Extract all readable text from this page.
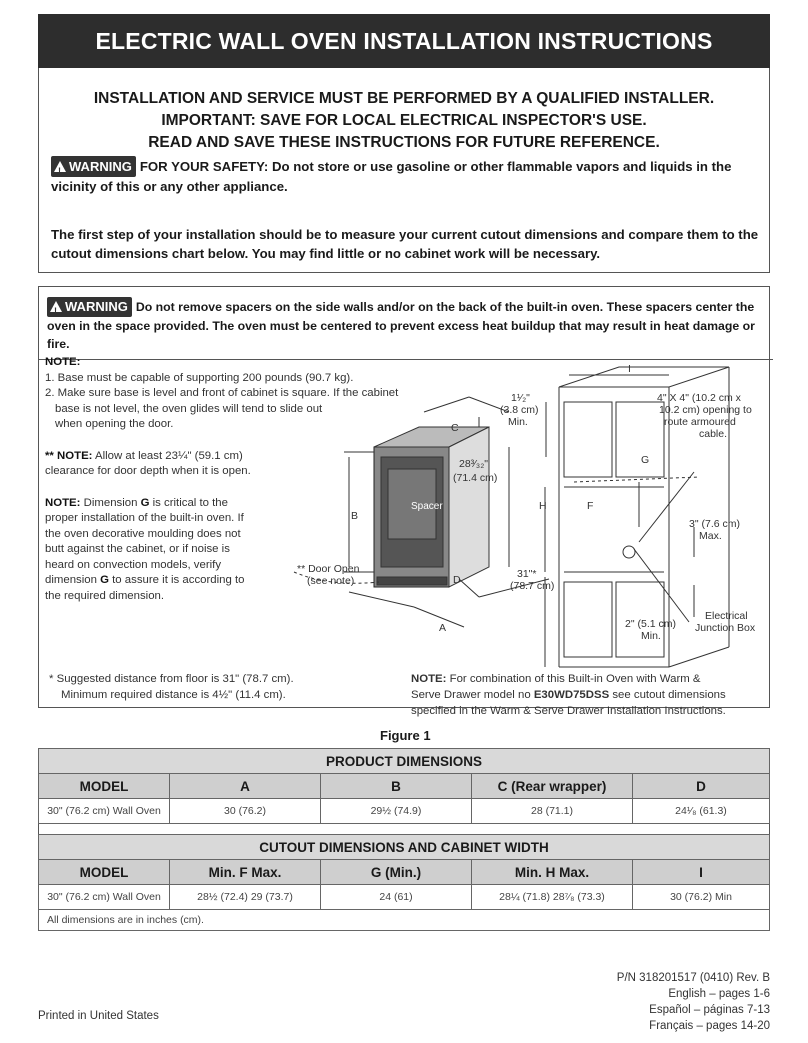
ELECTRIC WALL OVEN INSTALLATION INSTRUCTIONS
INSTALLATION AND SERVICE MUST BE PERFORMED BY A QUALIFIED INSTALLER.
IMPORTANT: SAVE FOR LOCAL ELECTRICAL INSPECTOR'S USE.
READ AND SAVE THESE INSTRUCTIONS FOR FUTURE REFERENCE.
! WARNING FOR YOUR SAFETY: Do not store or use gasoline or other flammable vapors and liquids in the vicinity of this or any other appliance.
The first step of your installation should be to measure your current cutout dimensions and compare them to the cutout dimensions chart below. You may find little or no cabinet work will be necessary.
! WARNING Do not remove spacers on the side walls and/or on the back of the built-in oven. These spacers center the oven in the space provided. The oven must be centered to prevent excess heat buildup that may result in heat damage or fire.

NOTE:

1. Base must be capable of supporting 200 pounds (90.7 kg).

2. Make sure base is level and front of cabinet is square. If the cabinet

base is not level, the oven glides will tend to slide out

when opening the door.

** NOTE: Allow at least 23¼" (59.1 cm)

clearance for door depth when it is open.

NOTE: Dimension G is critical to the

proper installation of the built-in oven. If

the oven decorative moulding does not

butt against the cabinet, or if noise is

heard on convection models, verify

dimension G to assure it is according to

the required dimension.

B
C
A
D
Spacer
28³⁄₃₂"
(71.4 cm)
** Door Open
(see note)
1¹⁄₂"
(3.8 cm)
Min.
I
4" X 4" (10.2 cm x
10.2 cm) opening to
route armoured
cable.
G
F
H
3" (7.6 cm)
Max.
31"*
(78.7 cm)
2" (5.1 cm)
Min.
Electrical
Junction Box
* Suggested distance from floor is 31" (78.7 cm).
Minimum required distance is 4½" (11.4 cm).
NOTE: For combination of this Built-in Oven with Warm &
Serve Drawer model no E30WD75DSS see cutout dimensions
specified in the Warm & Serve Drawer Installation Instructions.
Figure 1
PRODUCT DIMENSIONS				
MODEL	A	B	C (Rear wrapper)	D
30" (76.2 cm) Wall Oven	30 (76.2)	29½ (74.9)	28 (71.1)	24¹⁄₈ (61.3)

CUTOUT DIMENSIONS AND CABINET WIDTH				
MODEL	Min. F Max.	G (Min.)	Min. H Max.	I
30" (76.2 cm) Wall Oven	28½ (72.4) 29 (73.7)	24 (61)	28¼ (71.8) 28⁷⁄₈ (73.3)	30 (76.2) Min
All dimensions are in inches (cm).				
P/N 318201517 (0410) Rev. B
English – pages 1-6
Español – páginas 7-13
Français – pages 14-20
Printed in United States
